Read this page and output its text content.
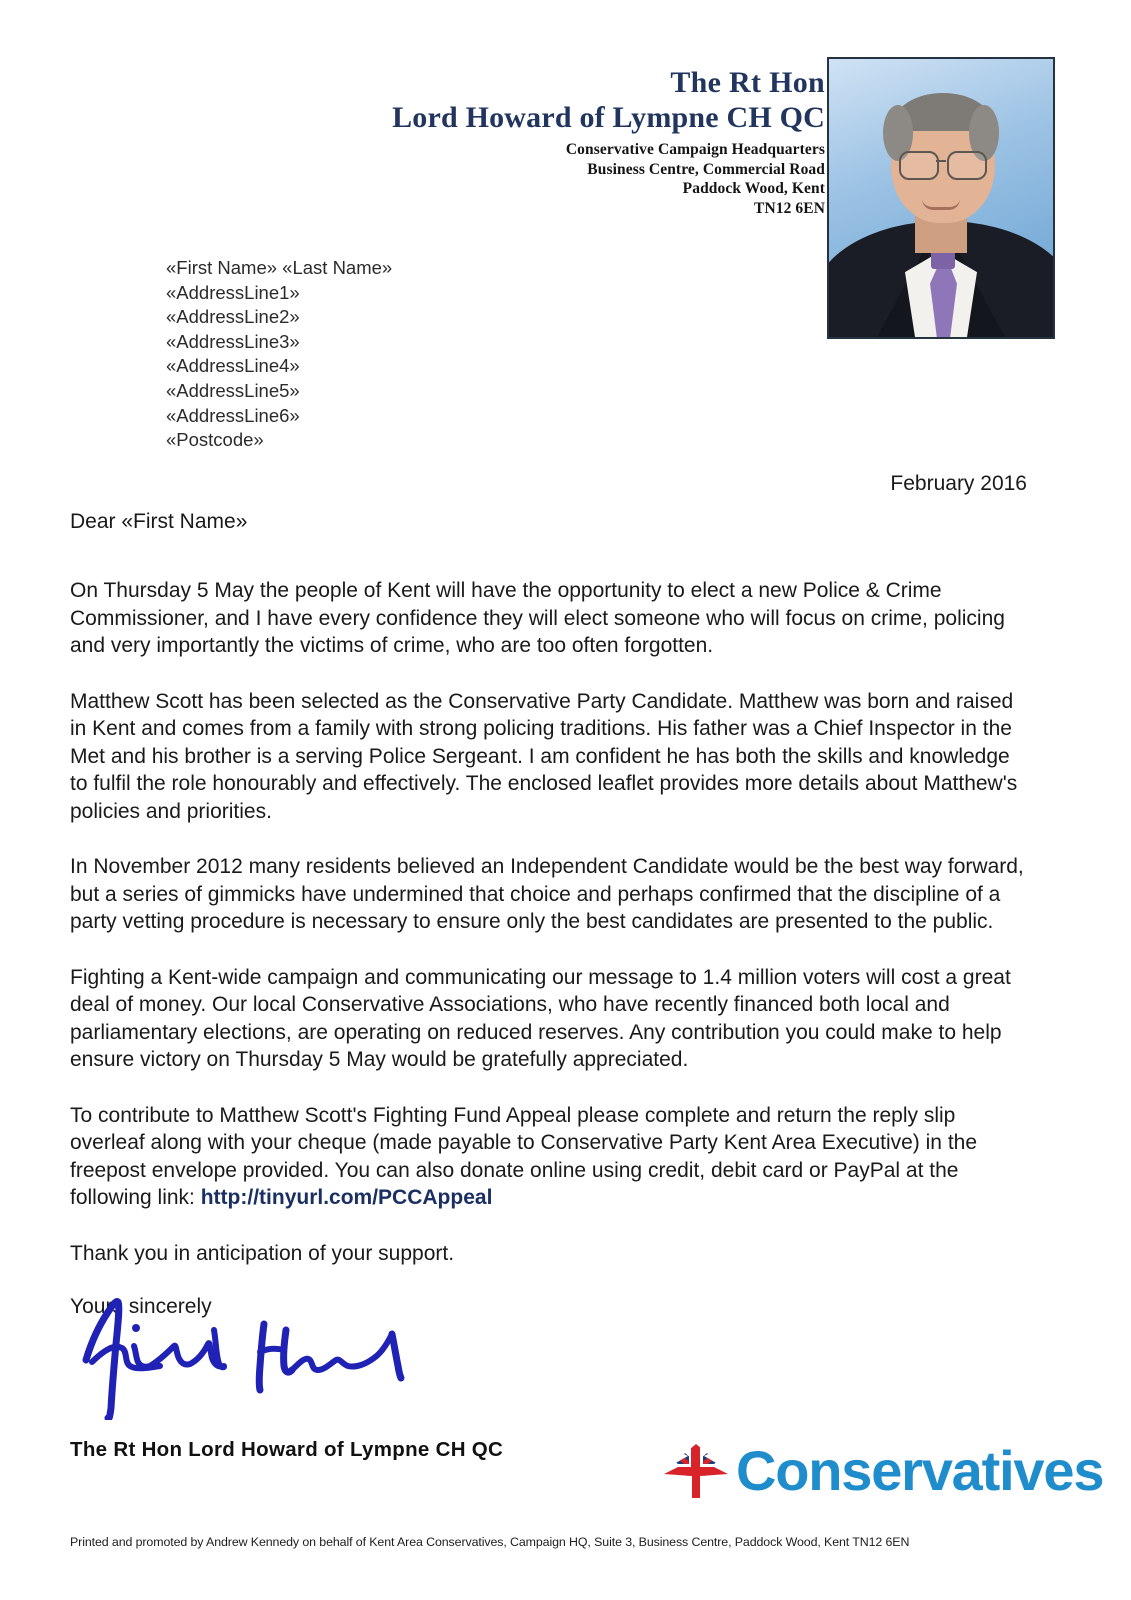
The Rt Hon
Lord Howard of Lympne CH QC
Conservative Campaign Headquarters
Business Centre, Commercial Road
Paddock Wood, Kent
TN12 6EN
«First Name» «Last Name»
«AddressLine1»
«AddressLine2»
«AddressLine3»
«AddressLine4»
«AddressLine5»
«AddressLine6»
«Postcode»
February 2016

Dear «First Name»

On Thursday 5 May the people of Kent will have the opportunity to elect a new Police & Crime Commissioner, and I have every confidence they will elect someone who will focus on crime, policing and very importantly the victims of crime, who are too often forgotten.

Matthew Scott has been selected as the Conservative Party Candidate. Matthew was born and raised in Kent and comes from a family with strong policing traditions. His father was a Chief Inspector in the Met and his brother is a serving Police Sergeant. I am confident he has both the skills and knowledge to fulfil the role honourably and effectively. The enclosed leaflet provides more details about Matthew's policies and priorities.

In November 2012 many residents believed an Independent Candidate would be the best way forward, but a series of gimmicks have undermined that choice and perhaps confirmed that the discipline of a party vetting procedure is necessary to ensure only the best candidates are presented to the public.

Fighting a Kent-wide campaign and communicating our message to 1.4 million voters will cost a great deal of money. Our local Conservative Associations, who have recently financed both local and parliamentary elections, are operating on reduced reserves. Any contribution you could make to help ensure victory on Thursday 5 May would be gratefully appreciated.

To contribute to Matthew Scott's Fighting Fund Appeal please complete and return the reply slip overleaf along with your cheque (made payable to Conservative Party Kent Area Executive) in the freepost envelope provided. You can also donate online using credit, debit card or PayPal at the following link: http://tinyurl.com/PCCAppeal

Thank you in anticipation of your support.

Yours sincerely

The Rt Hon Lord Howard of Lympne CH QC	Conservatives
Printed and promoted by Andrew Kennedy on behalf of Kent Area Conservatives, Campaign HQ, Suite 3, Business Centre, Paddock Wood, Kent TN12 6EN
